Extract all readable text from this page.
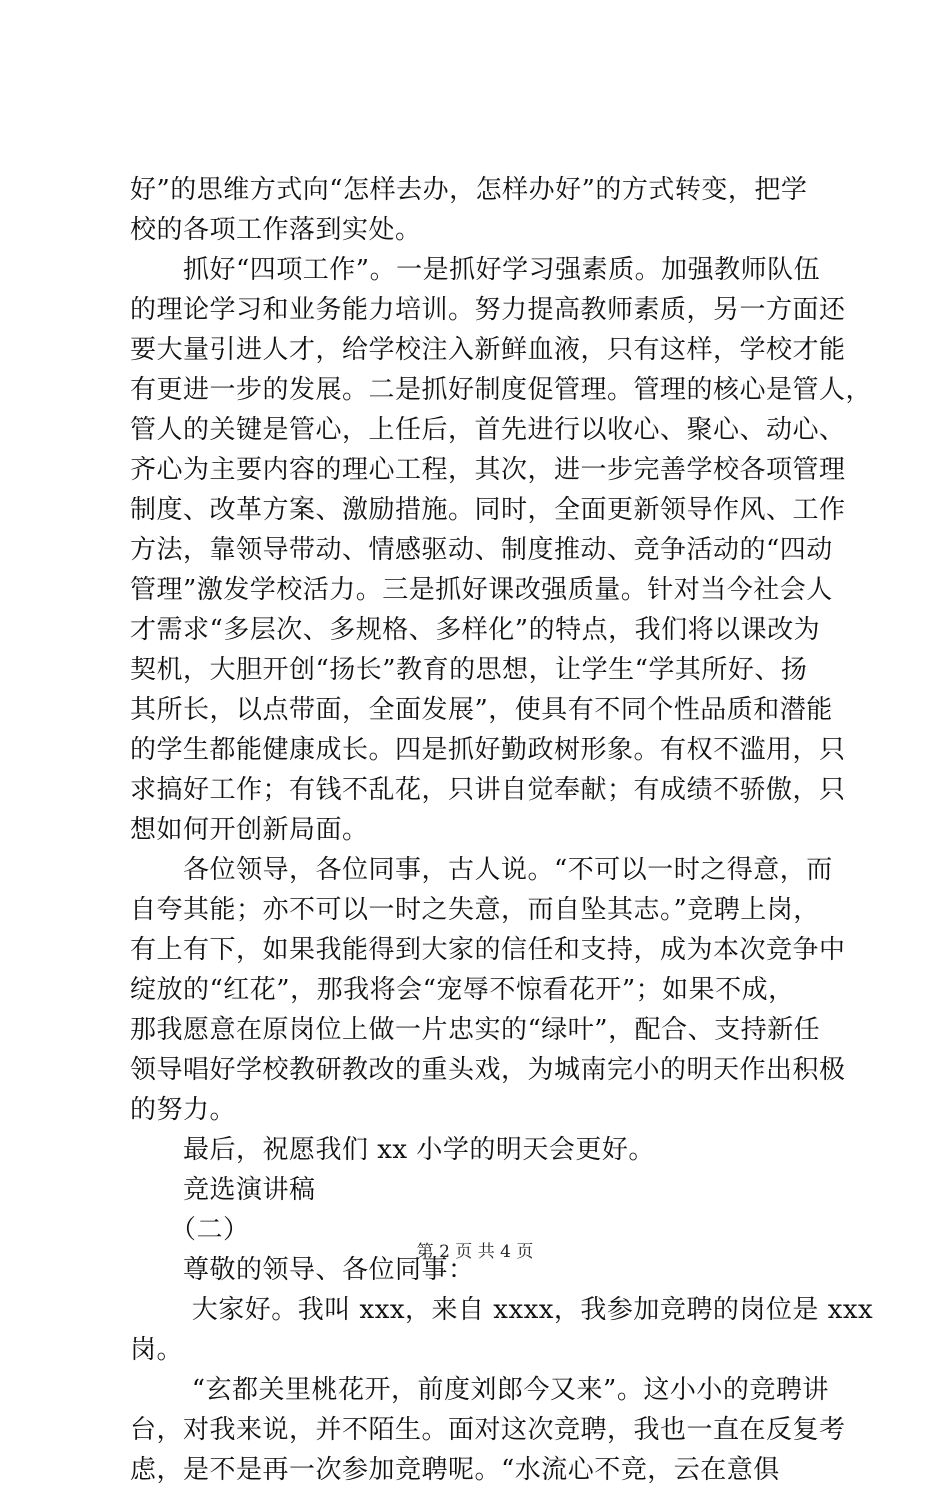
好”的思维方式向“怎样去办，怎样办好”的方式转变，把学
校的各项工作落到实处。
　　抓好“四项工作”。一是抓好学习强素质。加强教师队伍
的理论学习和业务能力培训。努力提高教师素质，另一方面还
要大量引进人才，给学校注入新鲜血液，只有这样，学校才能
有更进一步的发展。二是抓好制度促管理。管理的核心是管人，
管人的关键是管心，上任后，首先进行以收心、聚心、动心、
齐心为主要内容的理心工程，其次，进一步完善学校各项管理
制度、改革方案、激励措施。同时，全面更新领导作风、工作
方法，靠领导带动、情感驱动、制度推动、竞争活动的“四动
管理”激发学校活力。三是抓好课改强质量。针对当今社会人
才需求“多层次、多规格、多样化”的特点，我们将以课改为
契机，大胆开创“扬长”教育的思想，让学生“学其所好、扬
其所长，以点带面，全面发展”，使具有不同个性品质和潜能
的学生都能健康成长。四是抓好勤政树形象。有权不滥用，只
求搞好工作；有钱不乱花，只讲自觉奉献；有成绩不骄傲，只
想如何开创新局面。
　　各位领导，各位同事，古人说。“不可以一时之得意，而
自夸其能；亦不可以一时之失意，而自坠其志。”竞聘上岗，
有上有下，如果我能得到大家的信任和支持，成为本次竞争中
绽放的“红花”，那我将会“宠辱不惊看花开”；如果不成，
那我愿意在原岗位上做一片忠实的“绿叶”，配合、支持新任
领导唱好学校教研教改的重头戏，为城南完小的明天作出积极
的努力。
　　最后，祝愿我们 xx 小学的明天会更好。
　　竞选演讲稿
　　（二）
　　尊敬的领导、各位同事：
　　 大家好。我叫 xxx，来自 xxxx，我参加竞聘的岗位是 xxx
岗。
　　 “玄都关里桃花开，前度刘郎今又来”。这小小的竞聘讲
台，对我来说，并不陌生。面对这次竞聘，我也一直在反复考
虑，是不是再一次参加竞聘呢。“水流心不竞，云在意俱
第 2 页 共 4 页
